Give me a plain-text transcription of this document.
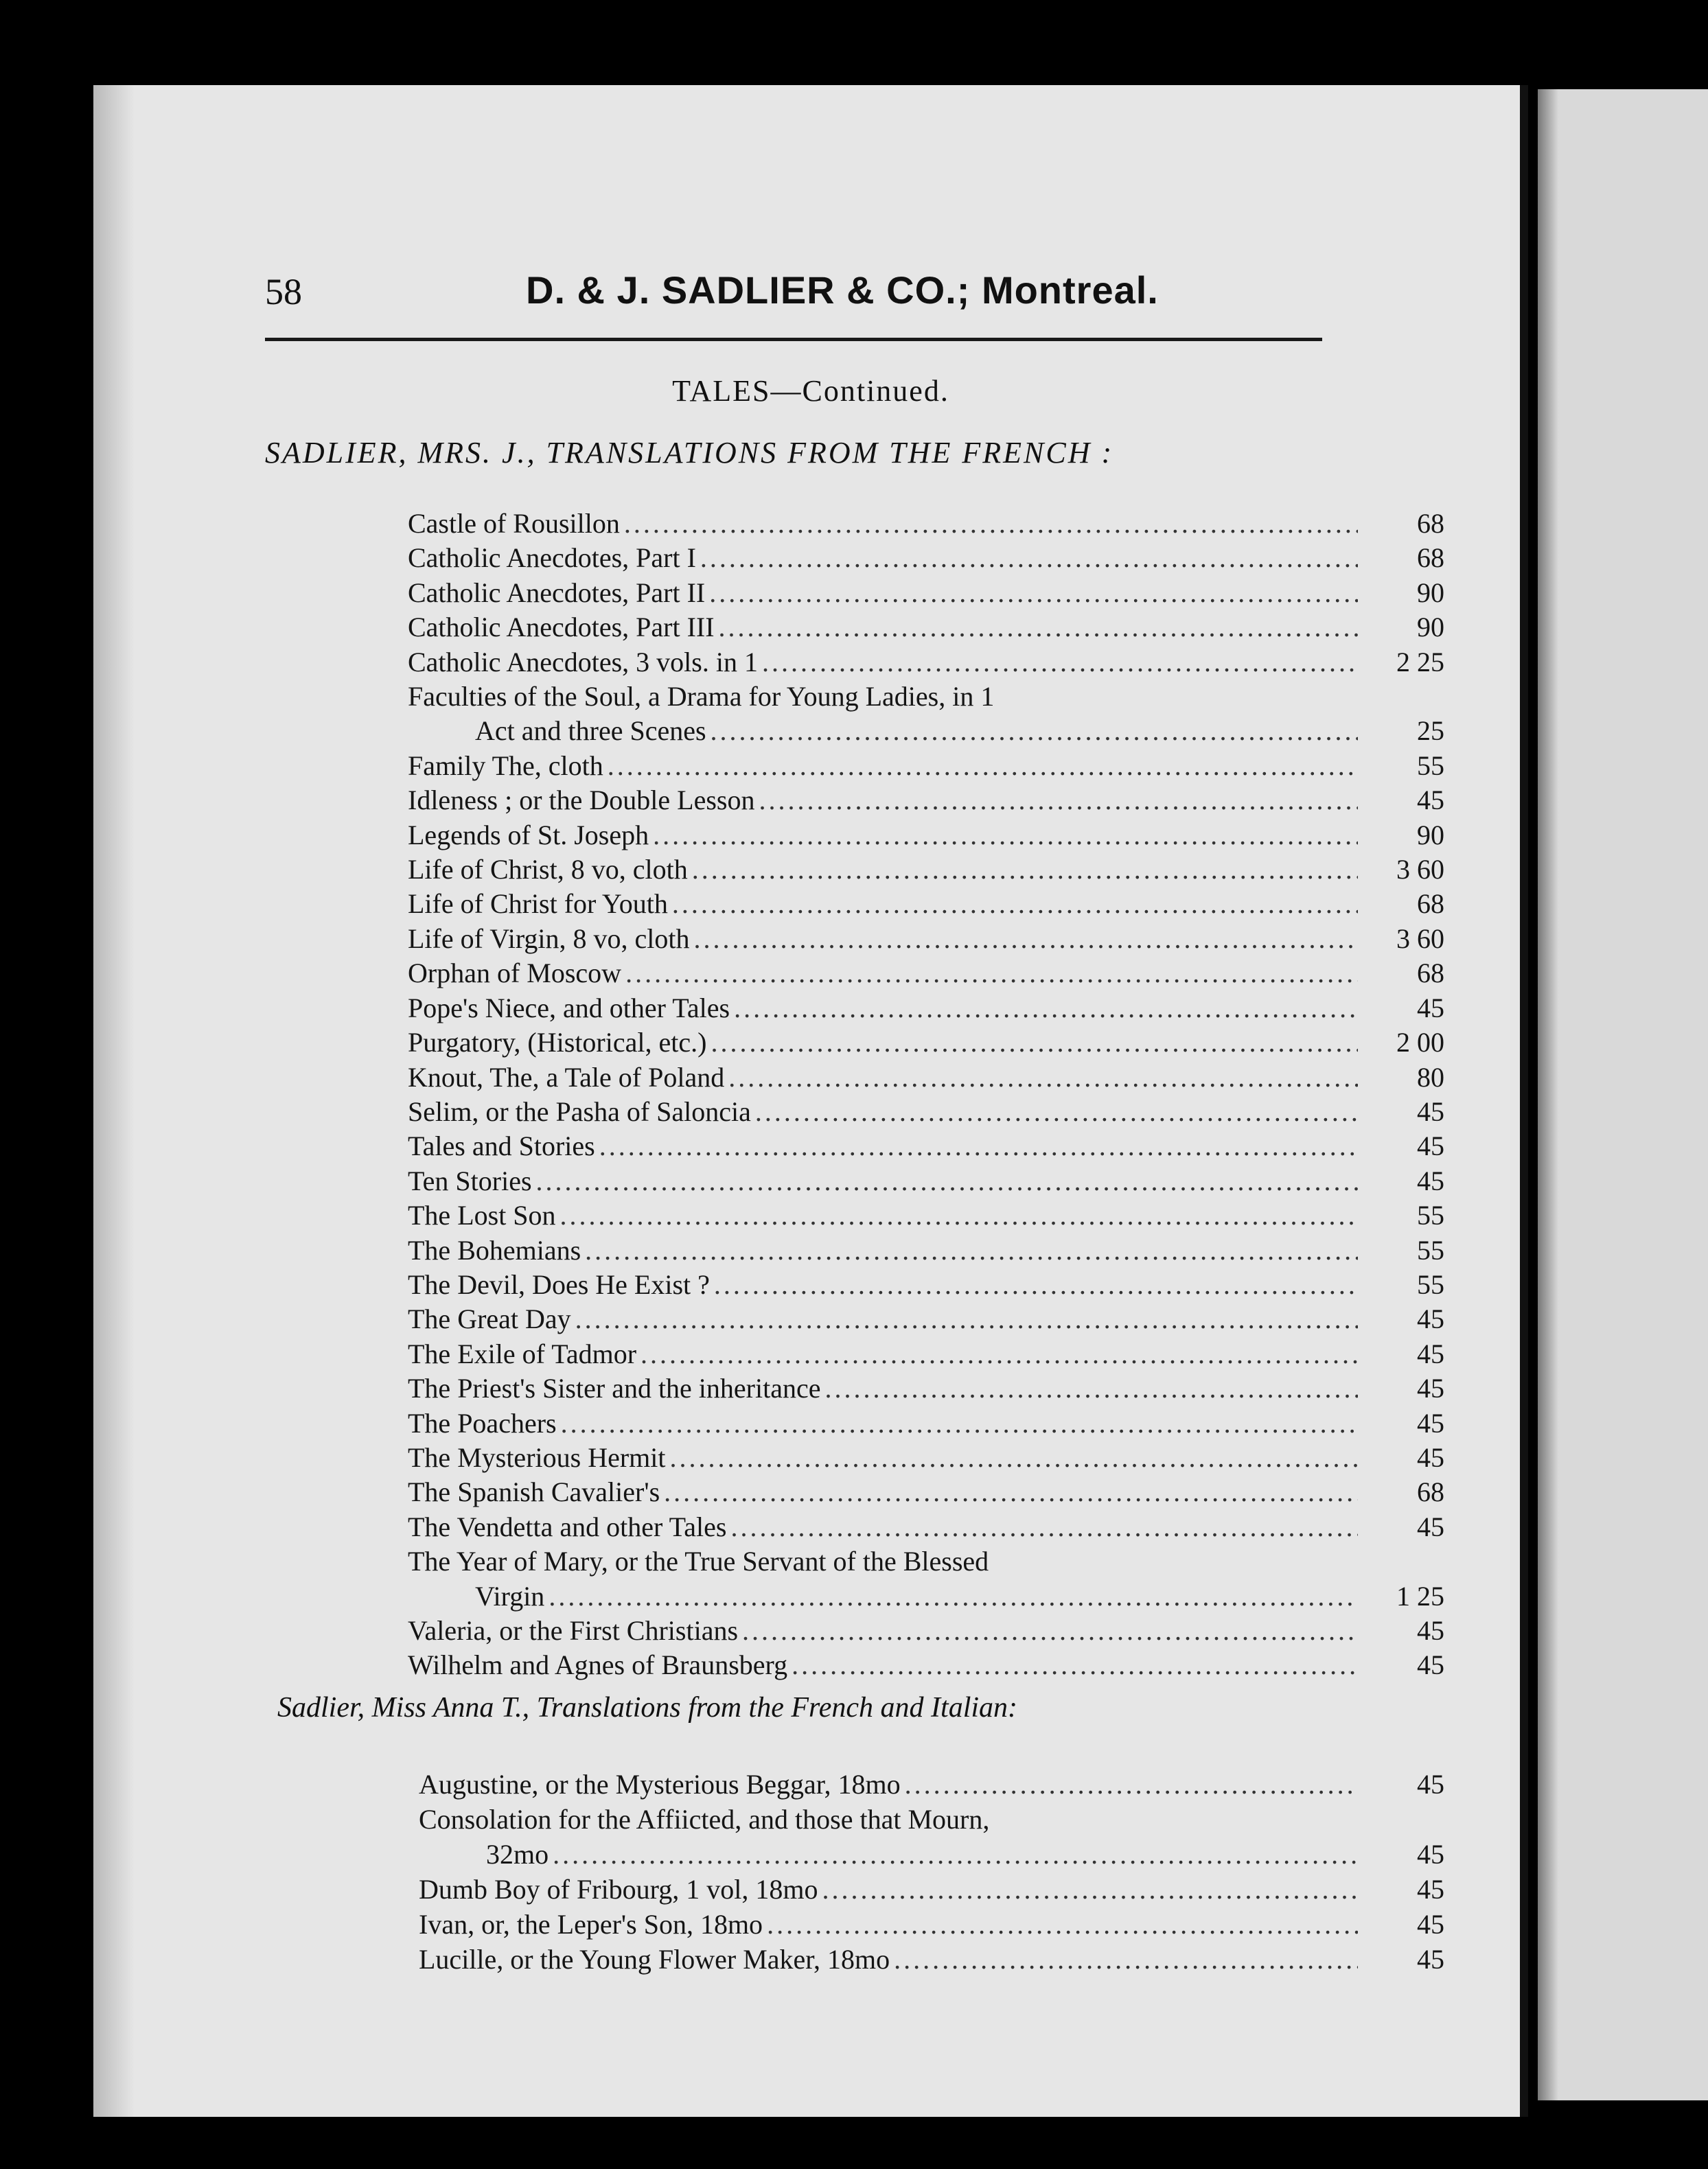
58	D. & J. SADLIER & CO.; Montreal.
TALES—Continued.
SADLIER, MRS. J., TRANSLATIONS FROM THE FRENCH :
Castle of Rousillon .....	68
Catholic Anecdotes, Part I .....	68
Catholic Anecdotes, Part II .....	90
Catholic Anecdotes, Part III .....	90
Catholic Anecdotes, 3 vols. in 1 .....	2 25
Faculties of the Soul, a Drama for Young Ladies, in 1
Act and three Scenes .....	25
Family The, cloth .....	55
Idleness ; or the Double Lesson .....	45
Legends of St. Joseph .....	90
Life of Christ, 8 vo, cloth .....	3 60
Life of Christ for Youth .....	68
Life of Virgin, 8 vo, cloth .....	3 60
Orphan of Moscow .....	68
Pope's Niece, and other Tales .....	45
Purgatory, (Historical, etc.) .....	2 00
Knout, The, a Tale of Poland .....	80
Selim, or the Pasha of Saloncia .....	45
Tales and Stories .....	45
Ten Stories .....	45
The Lost Son .....	55
The Bohemians .....	55
The Devil, Does He Exist ? .....	55
The Great Day .....	45
The Exile of Tadmor .....	45
The Priest's Sister and the inheritance .....	45
The Poachers .....	45
The Mysterious Hermit .....	45
The Spanish Cavalier's .....	68
The Vendetta and other Tales .....	45
The Year of Mary, or the True Servant of the Blessed
Virgin .....	1 25
Valeria, or the First Christians .....	45
Wilhelm and Agnes of Braunsberg .....	45
Sadlier, Miss Anna T., Translations from the French and Italian:
Augustine, or the Mysterious Beggar, 18mo .....	45
Consolation for the Affiicted, and those that Mourn,
32mo .....	45
Dumb Boy of Fribourg, 1 vol, 18mo .....	45
Ivan, or, the Leper's Son, 18mo .....	45
Lucille, or the Young Flower Maker, 18mo .....	45
